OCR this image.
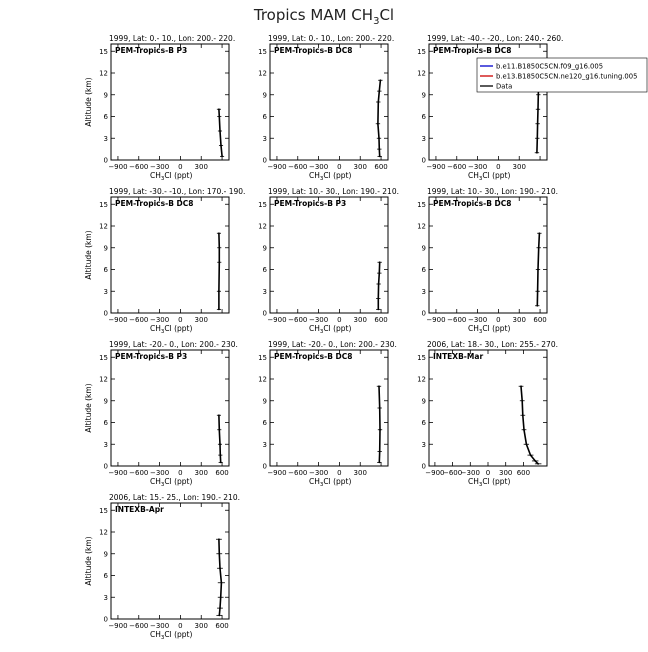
Tropics MAM $CH_3Cl$
1999, Lat: 0.- 10., Lon: 200.- 220.
PEM-Tropics-B P3
0
3
6
9
12
15
−900 −600 −300 0 300
$CH_3Cl$ (ppt)
Altitude (km)
1999, Lat: 0.- 10., Lon: 200.- 220.
PEM-Tropics-B DC8
0
3
6
9
12
15
−900 −600 −300 0 300 600
$CH_3Cl$ (ppt)
1999, Lat: -40.- -20., Lon: 240.- 260.
PEM-Tropics-B DC8
0
3
6
9
12
15
−900 −600 −300 0 300
$CH_3Cl$ (ppt)
b.e11.B1850C5CN.f09_g16.005
b.e13.B1850C5CN.ne120_g16.tuning.005
Data
1999, Lat: -30.- -10., Lon: 170.- 190.
PEM-Tropics-B DC8
0
3
6
9
12
15
−900 −600 −300 0 300
$CH_3Cl$ (ppt)
Altitude (km)
1999, Lat: 10.- 30., Lon: 190.- 210.
PEM-Tropics-B P3
0
3
6
9
12
15
−900 −600 −300 0 300 600
$CH_3Cl$ (ppt)
1999, Lat: 10.- 30., Lon: 190.- 210.
PEM-Tropics-B DC8
0
3
6
9
12
15
−900 −600 −300 0 300 600
$CH_3Cl$ (ppt)
1999, Lat: -20.- 0., Lon: 200.- 230.
PEM-Tropics-B P3
0
3
6
9
12
15
−900 −600 −300 0 300 600
$CH_3Cl$ (ppt)
Altitude (km)
1999, Lat: -20.- 0., Lon: 200.- 230.
PEM-Tropics-B DC8
0
3
6
9
12
15
−900 −600 −300 0 300
$CH_3Cl$ (ppt)
2006, Lat: 18.- 30., Lon: 255.- 270.
INTEXB-Mar
0
3
6
9
12
15
−900
−600
−300 0 300 600
$CH_3Cl$ (ppt)
2006, Lat: 15.- 25., Lon: 190.- 210.
INTEXB-Apr
0
3
6
9
12
15
−900 −600 −300 0 300 600
$CH_3Cl$ (ppt)
Altitude (km)
